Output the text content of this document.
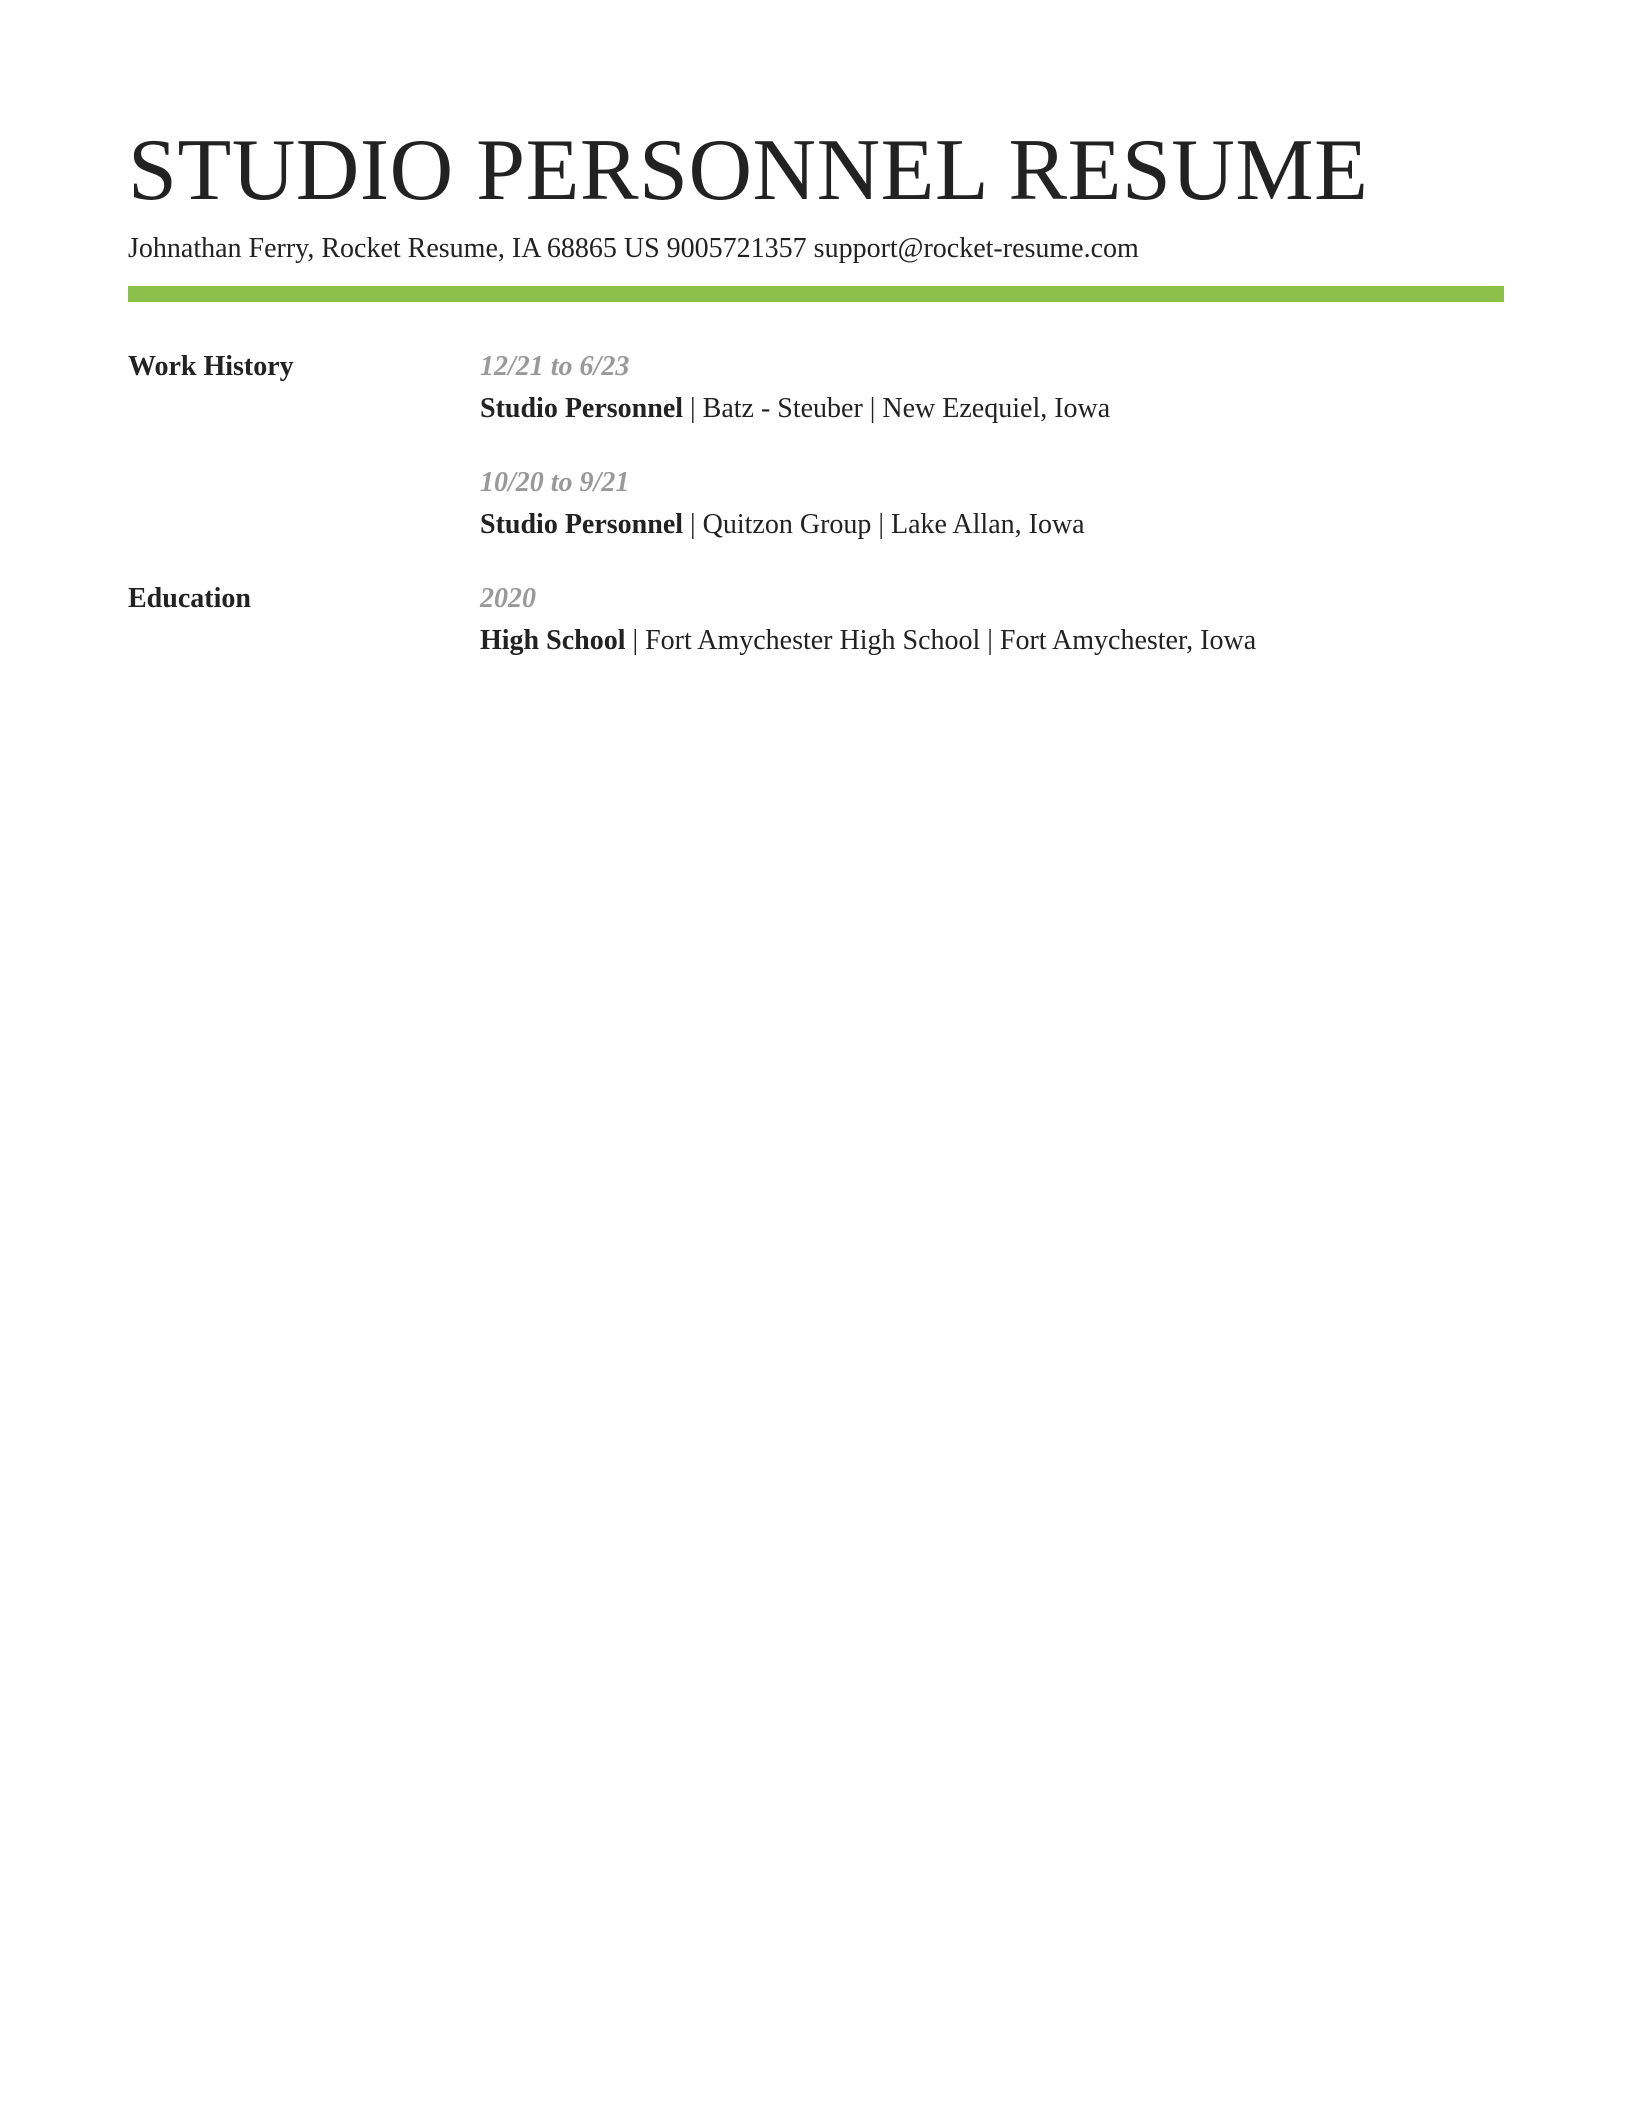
STUDIO PERSONNEL RESUME
Johnathan Ferry, Rocket Resume, IA 68865 US 9005721357 support@rocket-resume.com
Work History	12/21 to 6/23
Studio Personnel | Batz - Steuber | New Ezequiel, Iowa
10/20 to 9/21
Studio Personnel | Quitzon Group | Lake Allan, Iowa
Education	2020
High School | Fort Amychester High School | Fort Amychester, Iowa
